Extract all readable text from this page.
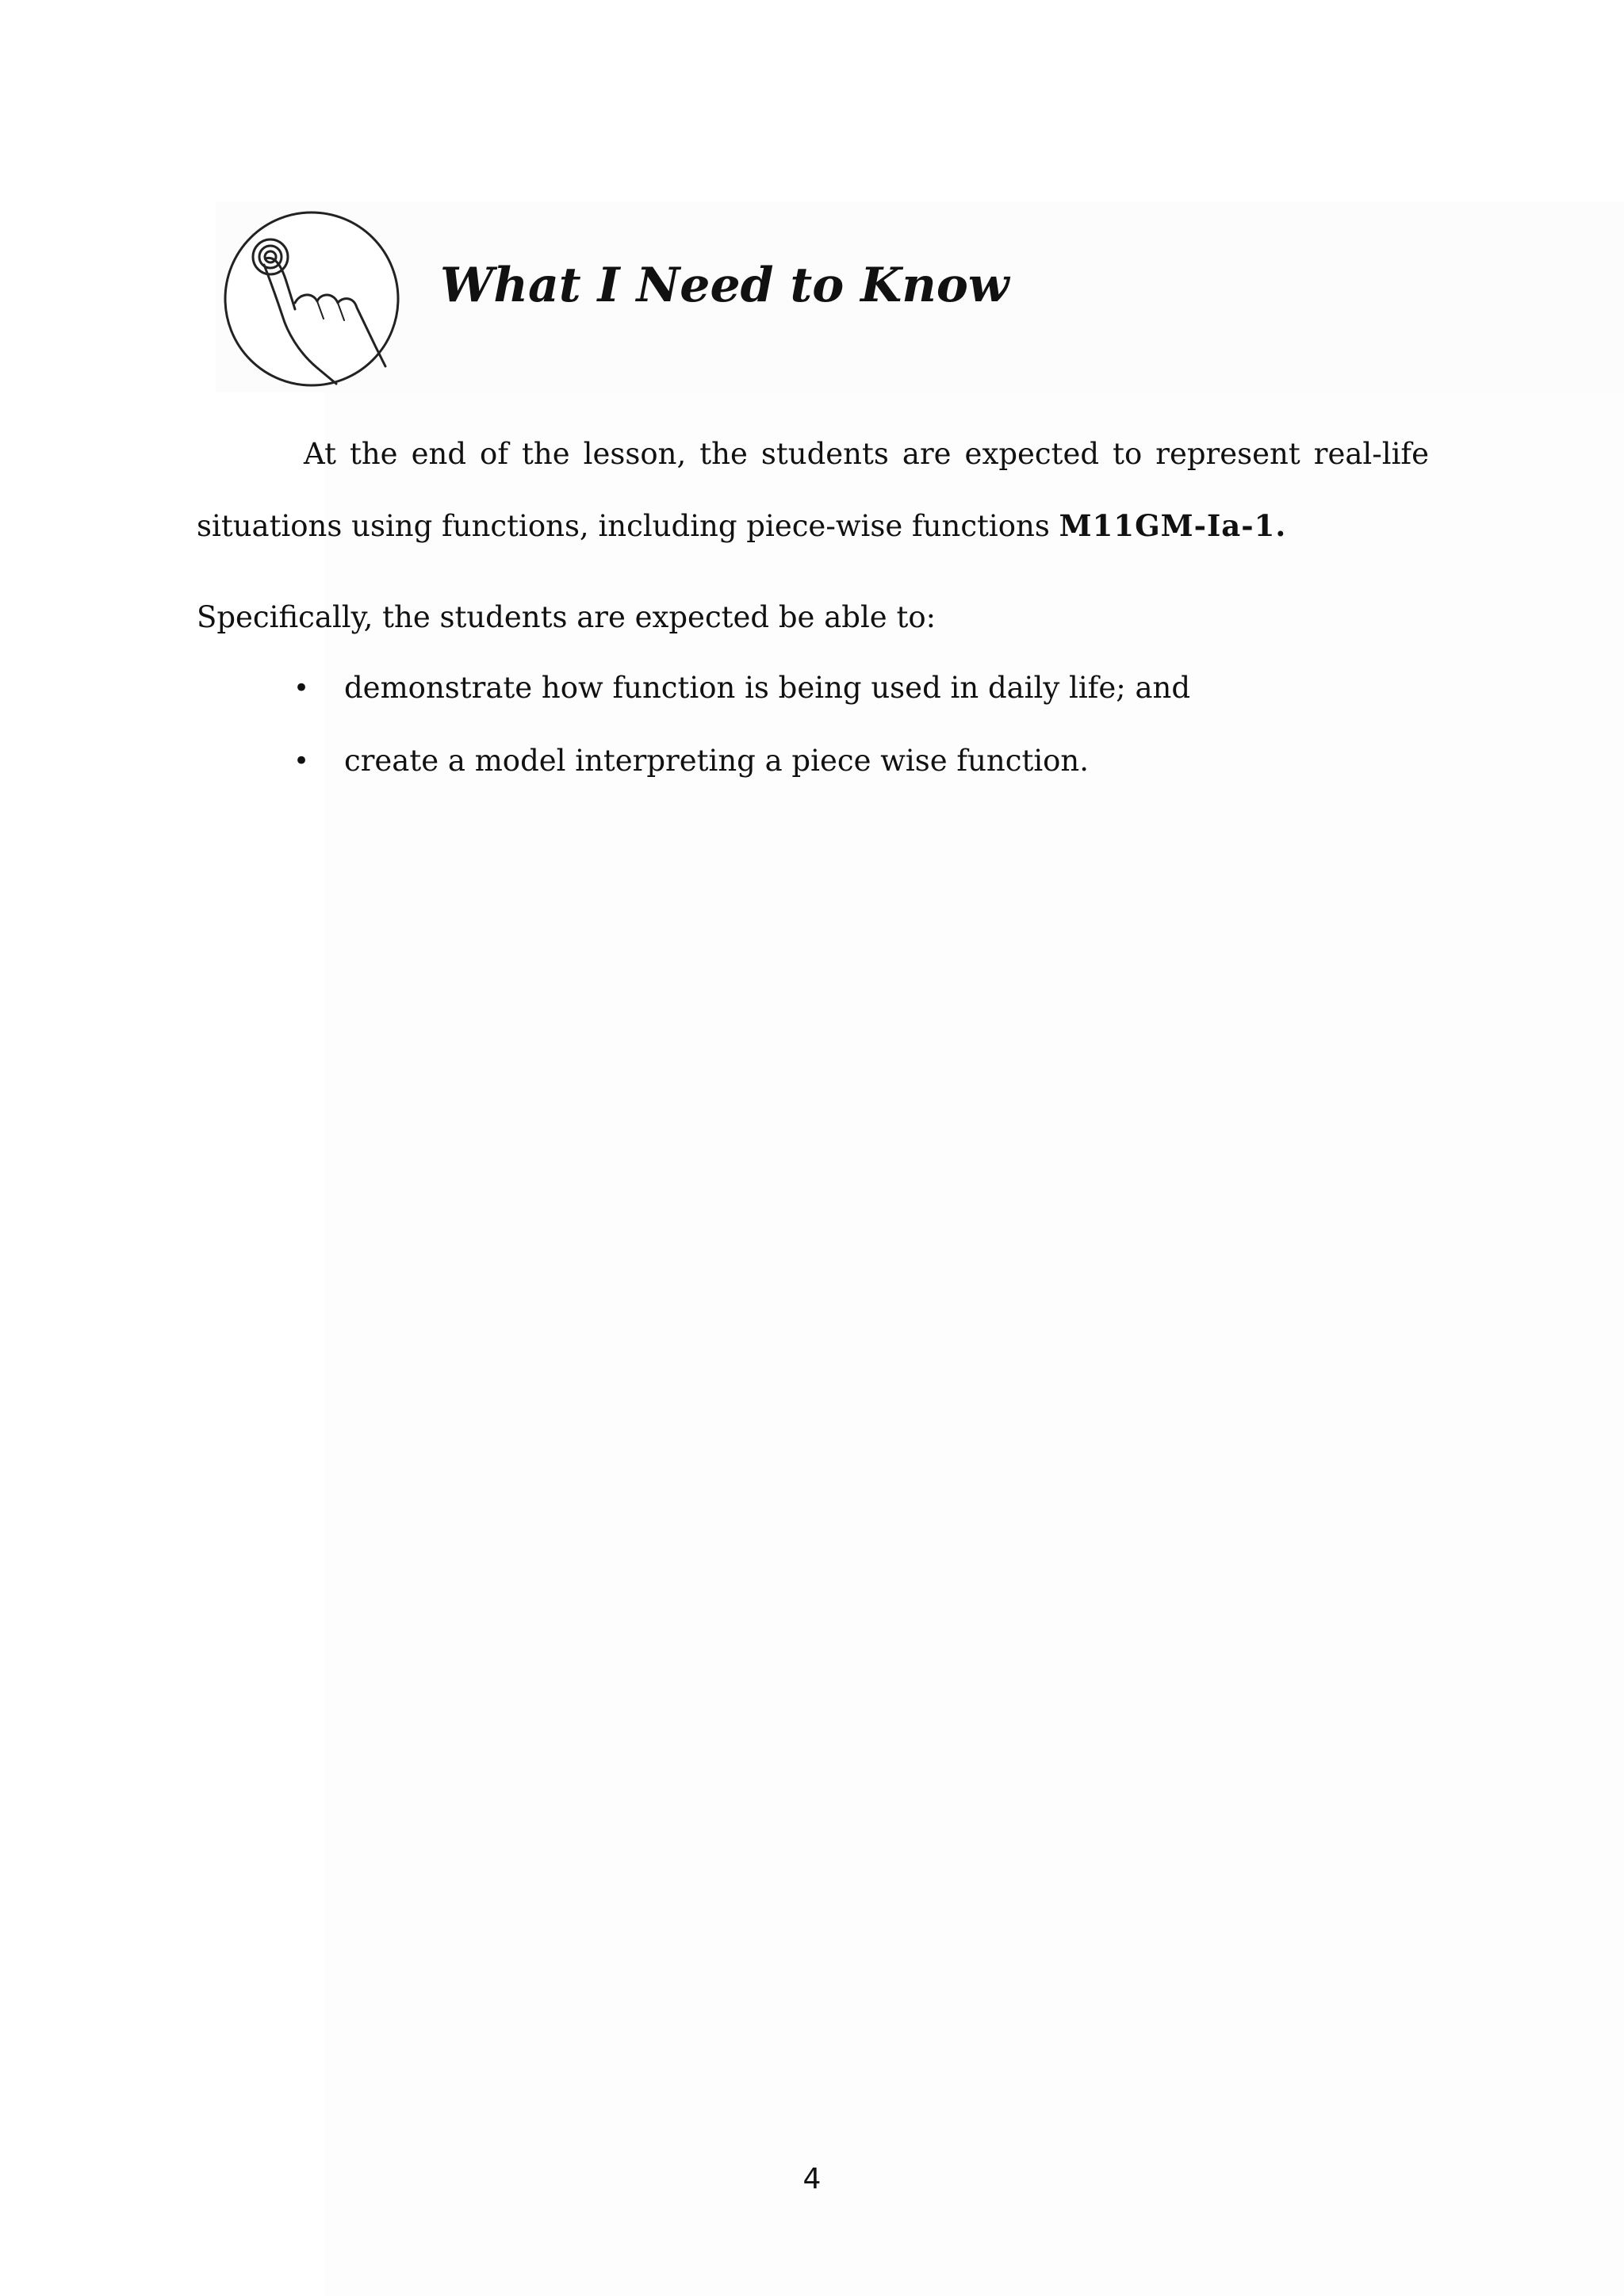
What I Need to Know

At the end of the lesson, the students are expected to represent real-life situations using functions, including piece-wise functions M11GM-Ia-1.

Specifically, the students are expected be able to:

• demonstrate how function is being used in daily life; and
• create a model interpreting a piece wise function.

4
